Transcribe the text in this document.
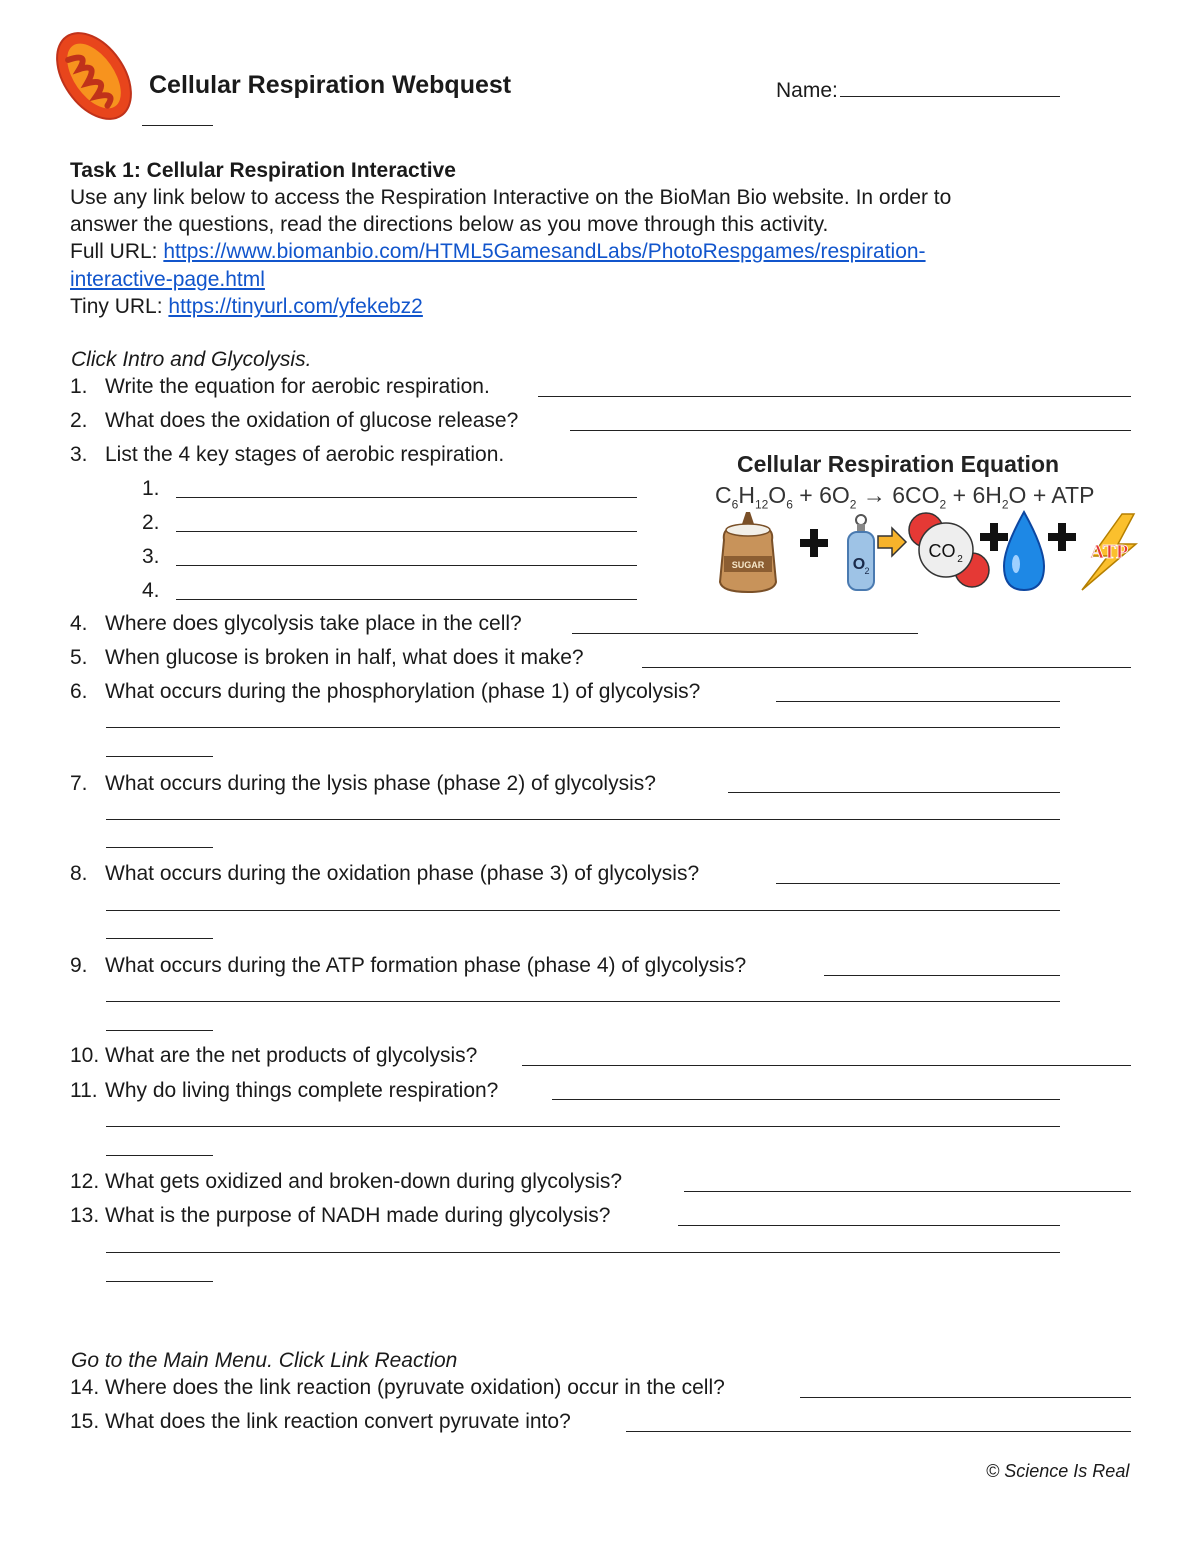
Cellular Respiration Webquest	Name:
Task 1: Cellular Respiration Interactive
Use any link below to access the Respiration Interactive on the BioMan Bio website. In order to
answer the questions, read the directions below as you move through this activity.
Full URL: https://www.biomanbio.com/HTML5GamesandLabs/PhotoRespgames/respiration-
interactive-page.html
Tiny URL: https://tinyurl.com/yfekebz2
Click Intro and Glycolysis.
1. Write the equation for aerobic respiration.
2. What does the oxidation of glucose release?
3. List the 4 key stages of aerobic respiration.
1.
2.
3.
4.
Cellular Respiration Equation
$C_6H_{12}O_6 + 6O_2 \to 6CO_2 + 6H_2O$ + ATP
SUGAR	O 2
CO 2	ATP
4. Where does glycolysis take place in the cell?
5. When glucose is broken in half, what does it make?
6. What occurs during the phosphorylation (phase 1) of glycolysis?
7. What occurs during the lysis phase (phase 2) of glycolysis?
8. What occurs during the oxidation phase (phase 3) of glycolysis?
9. What occurs during the ATP formation phase (phase 4) of glycolysis?
10. What are the net products of glycolysis?
11. Why do living things complete respiration?
12. What gets oxidized and broken-down during glycolysis?
13. What is the purpose of NADH made during glycolysis?
Go to the Main Menu. Click Link Reaction
14. Where does the link reaction (pyruvate oxidation) occur in the cell?
15. What does the link reaction convert pyruvate into?
© Science Is Real
